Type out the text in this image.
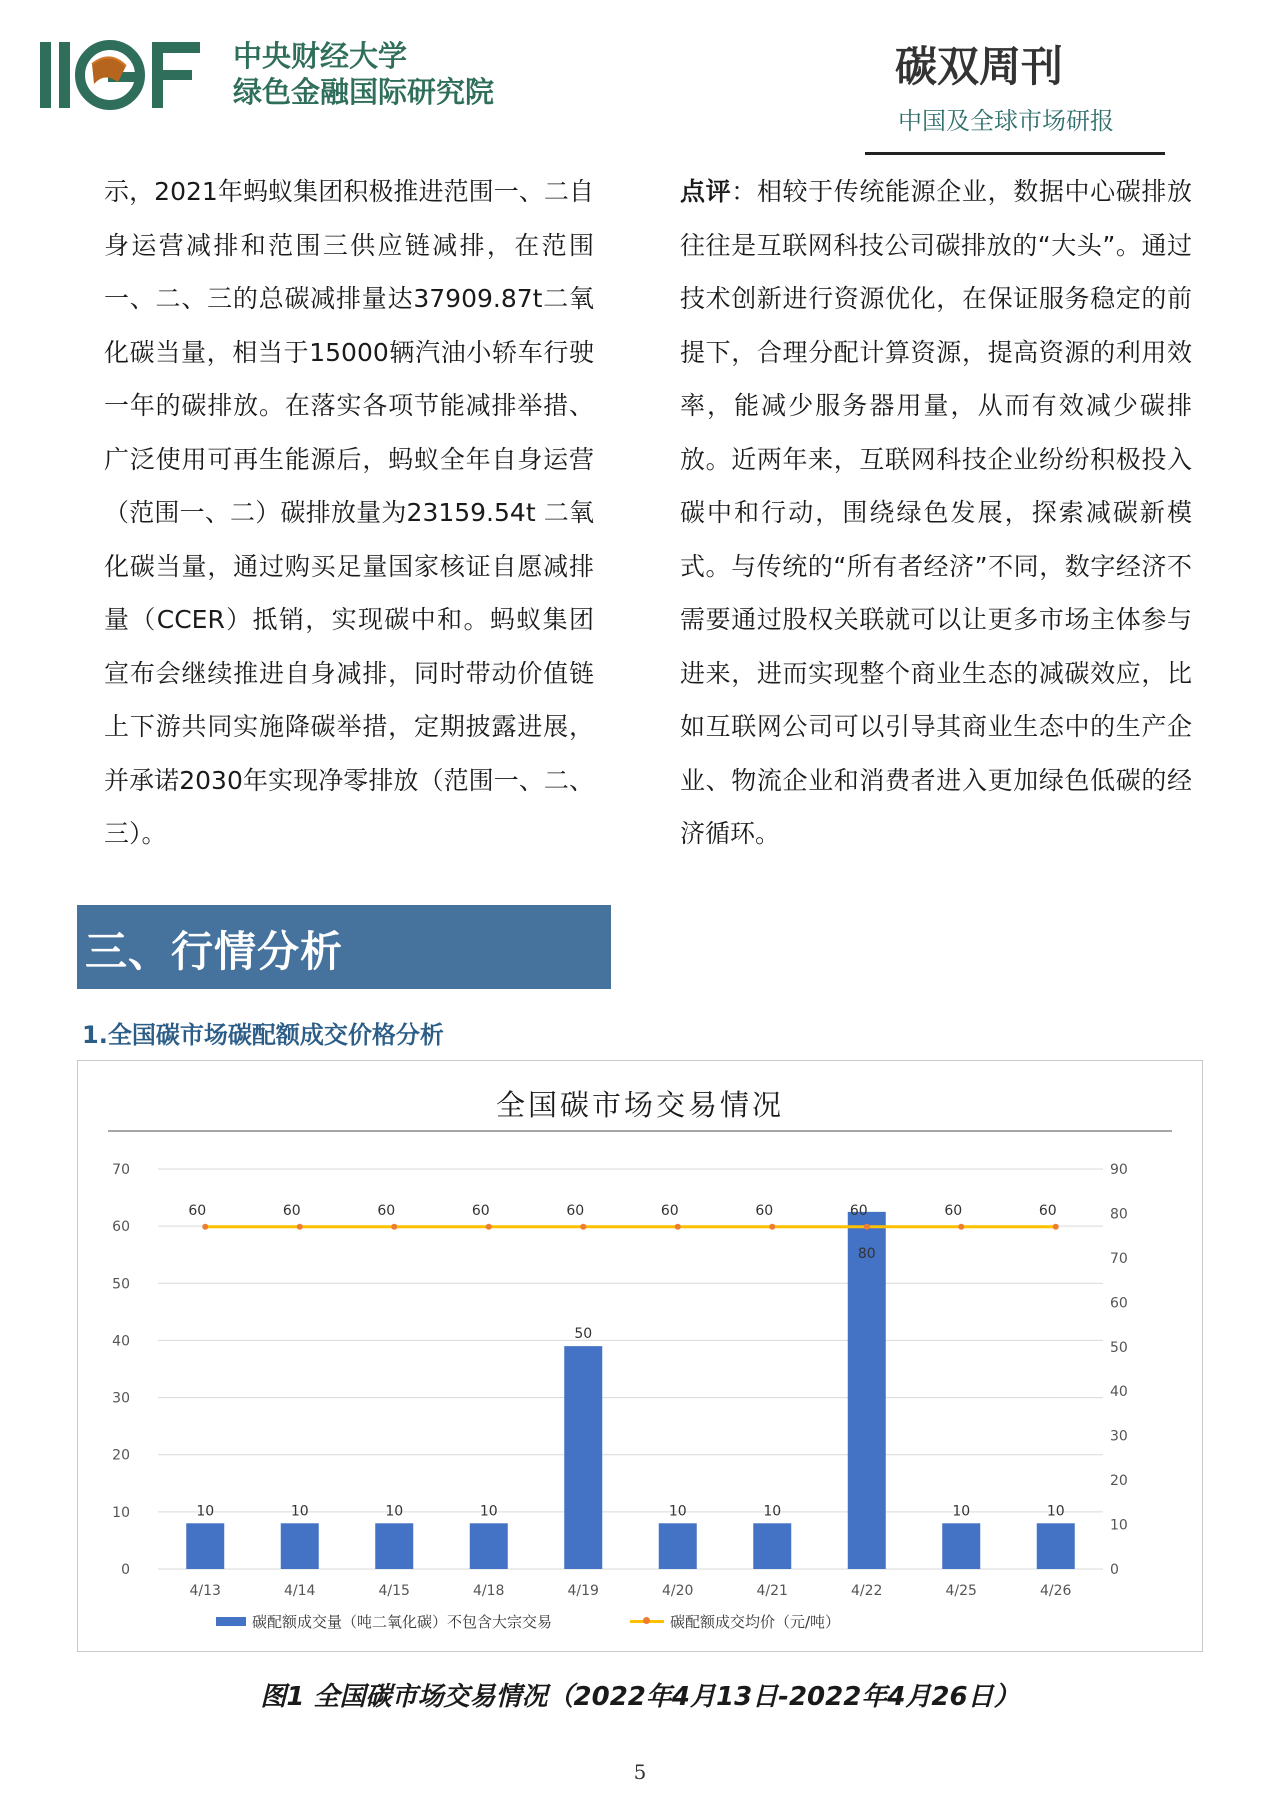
中央财经大学
绿色金融国际研究院
碳双周刊
中国及全球市场研报

示，2021年蚂蚁集团积极推进范围一、二自身运营减排和范围三供应链减排，在范围一、二、三的总碳减排量达37909.87t二氧化碳当量，相当于15000辆汽油小轿车行驶一年的碳排放。在落实各项节能减排举措、广泛使用可再生能源后，蚂蚁全年自身运营（范围一、二）碳排放量为23159.54t 二氧化碳当量，通过购买足量国家核证自愿减排量（CCER）抵销，实现碳中和。蚂蚁集团宣布会继续推进自身减排，同时带动价值链上下游共同实施降碳举措，定期披露进展，并承诺2030年实现净零排放（范围一、二、三）。

点评：相较于传统能源企业，数据中心碳排放往往是互联网科技公司碳排放的“大头”。通过技术创新进行资源优化，在保证服务稳定的前提下，合理分配计算资源，提高资源的利用效率，能减少服务器用量，从而有效减少碳排放。近两年来，互联网科技企业纷纷积极投入碳中和行动，围绕绿色发展，探索减碳新模式。与传统的“所有者经济”不同，数字经济不需要通过股权关联就可以让更多市场主体参与进来，进而实现整个商业生态的减碳效应，比如互联网公司可以引导其商业生态中的生产企业、物流企业和消费者进入更加绿色低碳的经济循环。

三、行情分析
1.全国碳市场碳配额成交价格分析
全国碳市场交易情况
0
10
20
30
40
50
60
70
0
10
20
30
40
50
60
70
80
90
4/13	4/14	4/15	4/18	4/19	4/20	4/21	4/22	4/25	4/26
60	60	60	60	60	60	60	60	60	60
10	10	10	10
50
10	10
80
10	10
碳配额成交量（吨二氧化碳）不包含大宗交易	碳配额成交均价（元/吨）
图1 全国碳市场交易情况（2022年4月13日-2022年4月26日）
5
